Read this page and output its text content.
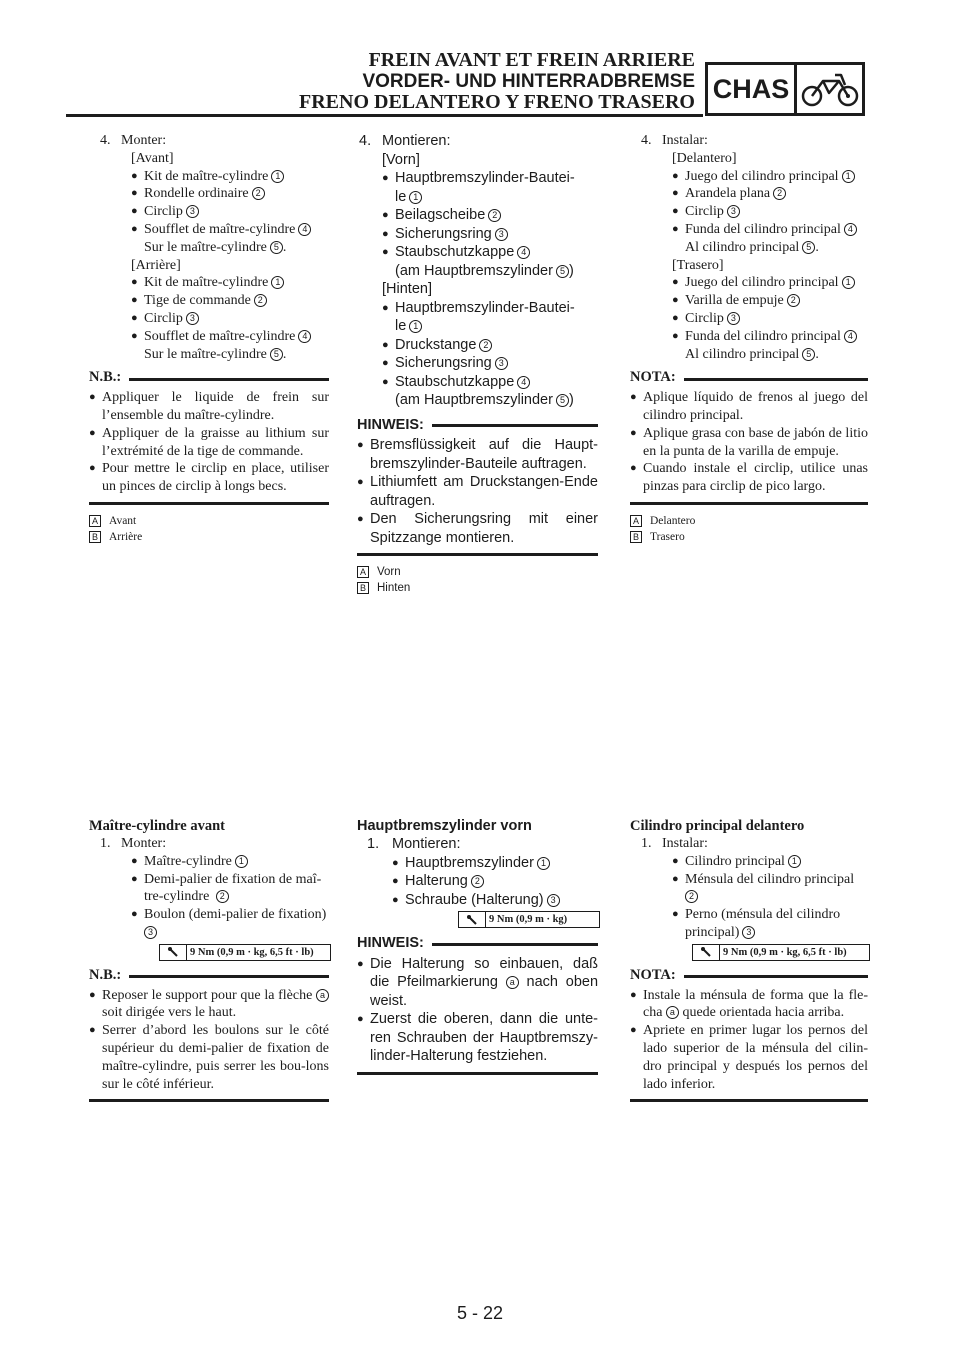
FREIN AVANT ET FREIN ARRIERE
VORDER- UND HINTERRADBREMSE
FRENO DELANTERO Y FRENO TRASERO CHAS
4. Monter:
[Avant]
● Kit de maître-cylindre 1
● Rondelle ordinaire 2
● Circlip 3
● Soufflet de maître-cylindre 4
Sur le maître-cylindre 5 .
[Arrière]
● Kit de maître-cylindre 1
● Tige de commande 2
● Circlip 3
● Soufflet de maître-cylindre 4
Sur le maître-cylindre 5 .
N.B.:
● Appliquer le liquide de frein sur l’ensemble du maître-cylindre.
● Appliquer de la graisse au lithium sur l’extrémité de la tige de commande.
● Pour mettre le circlip en place, utiliser un pinces de circlip à longs becs.
A Avant
B Arrière
4. Montieren:
[Vorn]
● Hauptbremszylinder-Bautei-
le 1
● Beilagscheibe 2
● Sicherungsring 3
● Staubschutzkappe 4
(am Hauptbremszylinder 5 )
[Hinten]
● Hauptbremszylinder-Bautei-
le 1
● Druckstange 2
● Sicherungsring 3
● Staubschutzkappe 4
(am Hauptbremszylinder 5 )
HINWEIS:
● Bremsflüssigkeit auf die Haupt-bremszylinder-Bauteile auftragen.
● Lithiumfett am Druckstangen-Ende auftragen.
● Den Sicherungsring mit einer Spitzzange montieren.
A Vorn
B Hinten
4. Instalar:
[Delantero]
● Juego del cilindro principal 1
● Arandela plana 2
● Circlip 3
● Funda del cilindro principal 4
Al cilindro principal 5 .
[Trasero]
● Juego del cilindro principal 1
● Varilla de empuje 2
● Circlip 3
● Funda del cilindro principal 4
Al cilindro principal 5 .
NOTA:
● Aplique líquido de frenos al juego del cilindro principal.
● Aplique grasa con base de jabón de litio en la punta de la varilla de empuje.
● Cuando instale el circlip, utilice unas pinzas para circlip de pico largo.
A Delantero
B Trasero
Maître-cylindre avant
1. Monter:
● Maître-cylindre 1
● Demi-palier de fixation de maî-tre-cylindre 2
● Boulon (demi-palier de fixation)
3
9 Nm (0,9 m · kg, 6,5 ft · lb)
N.B.:
● Reposer le support pour que la flèche a soit dirigée vers le haut.
● Serrer d’abord les boulons sur le côté supérieur du demi-palier de fixation de maître-cylindre, puis serrer les bou-lons sur le côté inférieur.
Hauptbremszylinder vorn
1. Montieren:
● Hauptbremszylinder 1
● Halterung 2
● Schraube (Halterung) 3
9 Nm (0,9 m · kg)
HINWEIS:
● Die Halterung so einbauen, daß die Pfeilmarkierung a nach oben weist.
● Zuerst die oberen, dann die unte-ren Schrauben der Hauptbremszy-linder-Halterung festziehen.
Cilindro principal delantero
1. Instalar:
● Cilindro principal 1
● Ménsula del cilindro principal
2
● Perno (ménsula del cilindro principal) 3
9 Nm (0,9 m · kg, 6,5 ft · lb)
NOTA:
● Instale la ménsula de forma que la fle-cha a quede orientada hacia arriba.
● Apriete en primer lugar los pernos del lado superior de la ménsula del cilin-dro principal y después los pernos del lado inferior.
5 - 22
